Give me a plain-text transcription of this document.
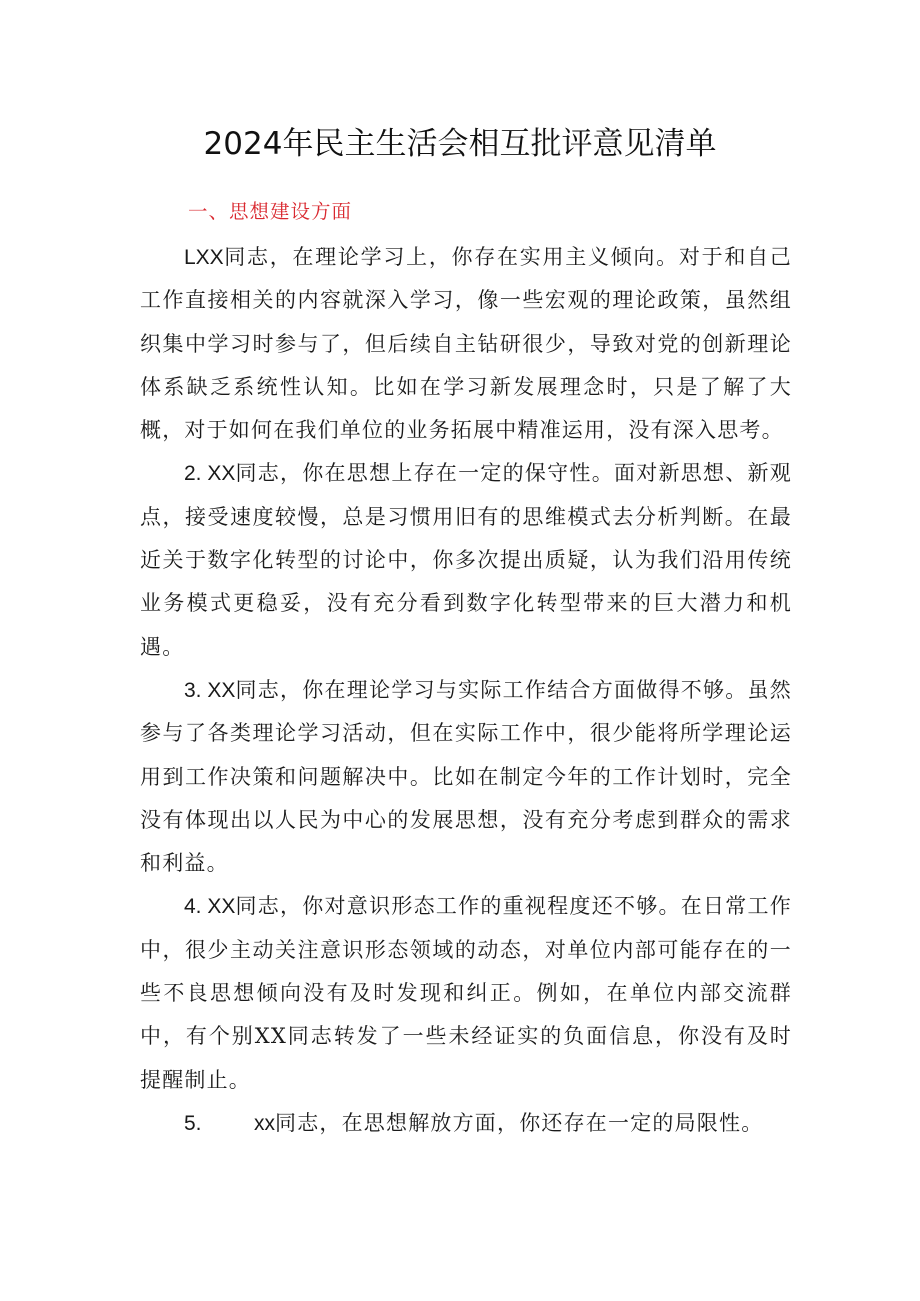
2024年民主生活会相互批评意见清单

一、思想建设方面

LXX同志，在理论学习上，你存在实用主义倾向。对于和自己工作直接相关的内容就深入学习，像一些宏观的理论政策，虽然组织集中学习时参与了，但后续自主钻研很少，导致对党的创新理论体系缺乏系统性认知。比如在学习新发展理念时，只是了解了大概，对于如何在我们单位的业务拓展中精准运用，没有深入思考。

2. XX同志，你在思想上存在一定的保守性。面对新思想、新观点，接受速度较慢，总是习惯用旧有的思维模式去分析判断。在最近关于数字化转型的讨论中，你多次提出质疑，认为我们沿用传统业务模式更稳妥，没有充分看到数字化转型带来的巨大潜力和机遇。

3. XX同志，你在理论学习与实际工作结合方面做得不够。虽然参与了各类理论学习活动，但在实际工作中，很少能将所学理论运用到工作决策和问题解决中。比如在制定今年的工作计划时，完全没有体现出以人民为中心的发展思想，没有充分考虑到群众的需求和利益。

4. XX同志，你对意识形态工作的重视程度还不够。在日常工作中，很少主动关注意识形态领域的动态，对单位内部可能存在的一些不良思想倾向没有及时发现和纠正。例如，在单位内部交流群中，有个别XX同志转发了一些未经证实的负面信息，你没有及时提醒制止。

5. xx同志，在思想解放方面，你还存在一定的局限性。
